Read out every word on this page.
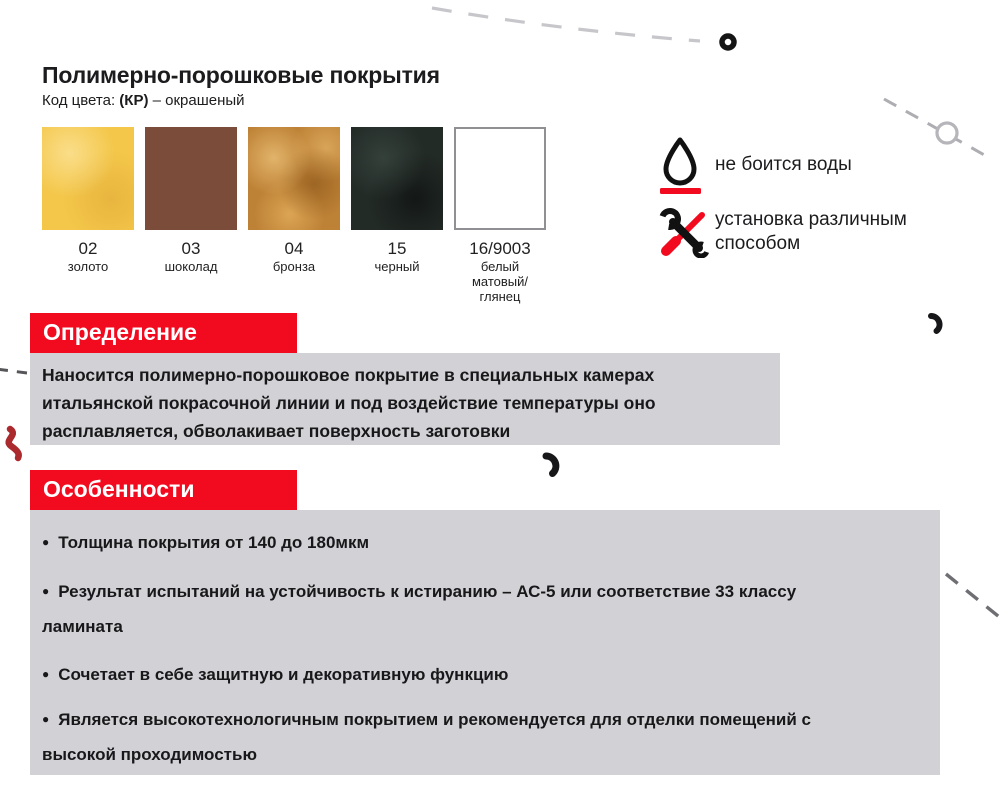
Полимерно-порошковые покрытия
Код цвета: (КР) – окрашеный
02
золото
03
шоколад
04
бронза
15
черный
16/9003
белый матовый/глянец
не боится воды
установка различным способом
Определение
Наносится полимерно-порошковое покрытие в специальных камерах итальянской покрасочной линии и под воздействие температуры оно расплавляется, обволакивает поверхность заготовки
Особенности

● Толщина покрытия от 140 до 180мкм

● Результат испытаний на устойчивость к истиранию – АС-5 или соответствие 33 классу ламината

● Сочетает в себе защитную и декоративную функцию

● Является высокотехнологичным покрытием и рекомендуется для отделки помещений с высокой проходимостью
